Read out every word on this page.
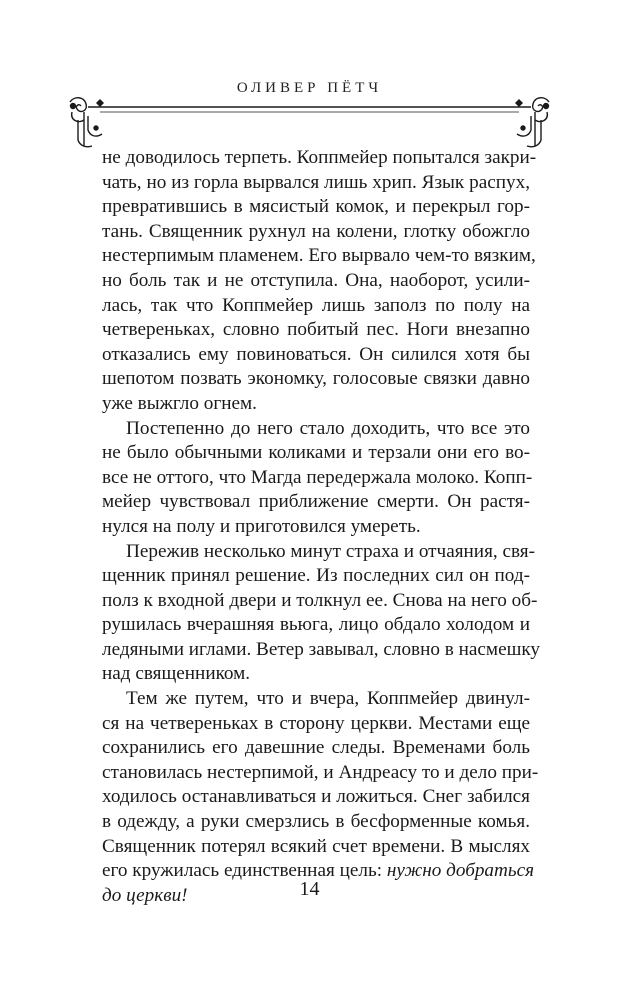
ОЛИВЕР ПЁТЧ
не доводилось терпеть. Коппмейер попытался закри-
чать, но из горла вырвался лишь хрип. Язык распух,
превратившись в мясистый комок, и перекрыл гор-
тань. Священник рухнул на колени, глотку обожгло
нестерпимым пламенем. Его вырвало чем-то вязким,
но боль так и не отступила. Она, наоборот, усили-
лась, так что Коппмейер лишь заполз по полу на
четвереньках, словно побитый пес. Ноги внезапно
отказались ему повиноваться. Он силился хотя бы
шепотом позвать экономку, голосовые связки давно
уже выжгло огнем.
Постепенно до него стало доходить, что все это
не было обычными коликами и терзали они его во-
все не оттого, что Магда передержала молоко. Копп-
мейер чувствовал приближение смерти. Он растя-
нулся на полу и приготовился умереть.
Пережив несколько минут страха и отчаяния, свя-
щенник принял решение. Из последних сил он под-
полз к входной двери и толкнул ее. Снова на него об-
рушилась вчерашняя вьюга, лицо обдало холодом и
ледяными иглами. Ветер завывал, словно в насмешку
над священником.
Тем же путем, что и вчера, Коппмейер двинул-
ся на четвереньках в сторону церкви. Местами еще
сохранились его давешние следы. Временами боль
становилась нестерпимой, и Андреасу то и дело при-
ходилось останавливаться и ложиться. Снег забился
в одежду, а руки смерзлись в бесформенные комья.
Священник потерял всякий счет времени. В мыслях
его кружилась единственная цель: нужно добраться
до церкви!	14
